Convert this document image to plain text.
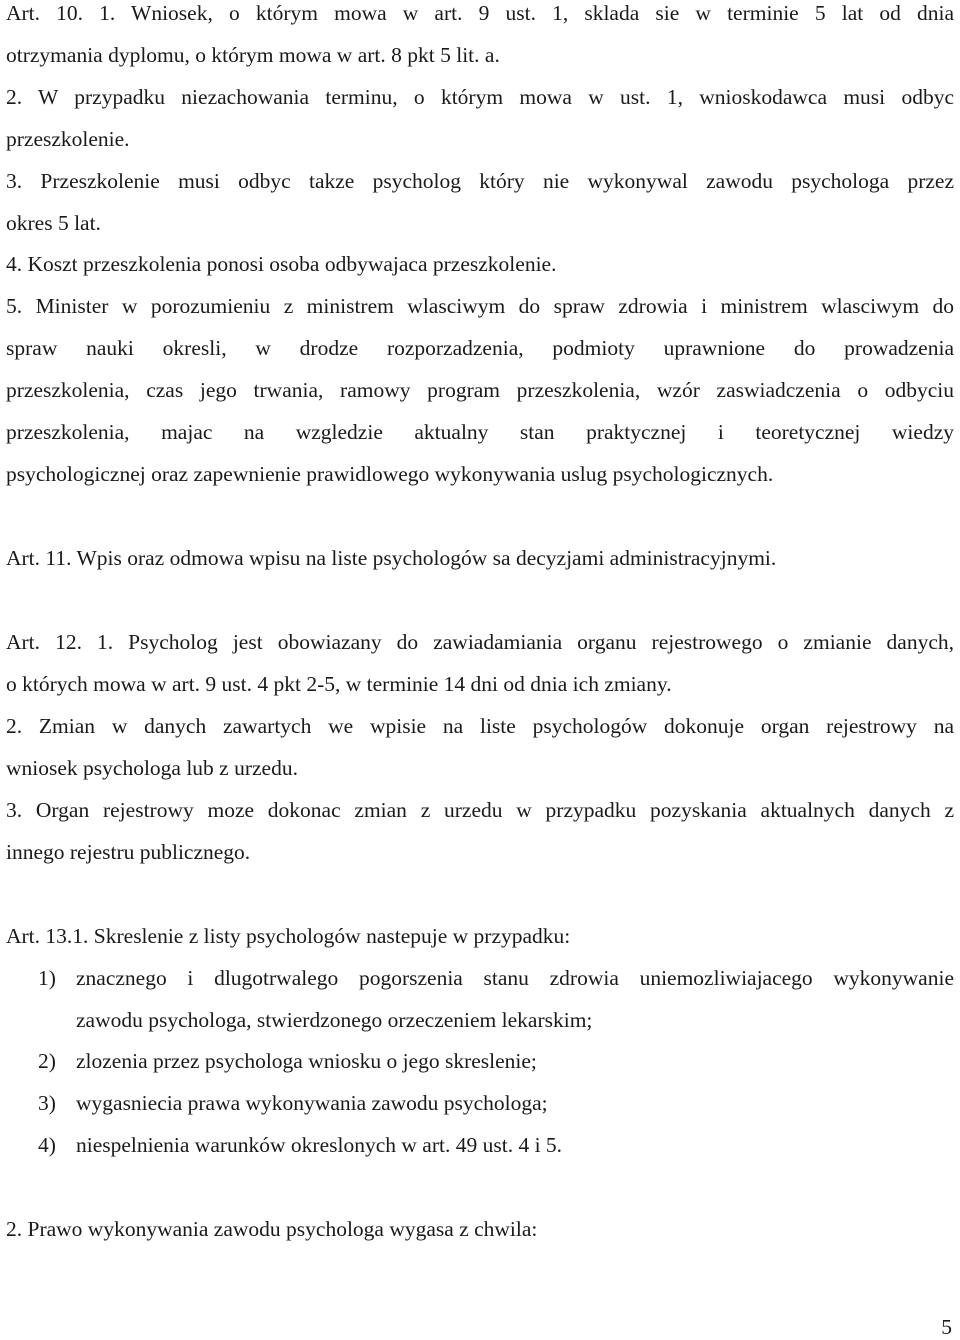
Art. 10. 1. Wniosek, o którym mowa w art. 9 ust. 1, sklada sie w terminie 5 lat od dnia
otrzymania dyplomu, o którym mowa w art. 8 pkt 5 lit. a.
2. W przypadku niezachowania terminu, o którym mowa w ust. 1, wnioskodawca musi odbyc
przeszkolenie.
3. Przeszkolenie musi odbyc takze psycholog który nie wykonywal zawodu psychologa przez
okres 5 lat.
4. Koszt przeszkolenia ponosi osoba odbywajaca przeszkolenie.
5. Minister w porozumieniu z ministrem wlasciwym do spraw zdrowia i ministrem wlasciwym do
spraw nauki okresli, w drodze rozporzadzenia, podmioty uprawnione do prowadzenia
przeszkolenia, czas jego trwania, ramowy program przeszkolenia, wzór zaswiadczenia o odbyciu
przeszkolenia, majac na wzgledzie aktualny stan praktycznej i teoretycznej wiedzy
psychologicznej oraz zapewnienie prawidlowego wykonywania uslug psychologicznych.
Art. 11. Wpis oraz odmowa wpisu na liste psychologów sa decyzjami administracyjnymi.
Art. 12. 1. Psycholog jest obowiazany do zawiadamiania organu rejestrowego o zmianie danych,
o których mowa w art. 9 ust. 4 pkt 2-5, w terminie 14 dni od dnia ich zmiany.
2. Zmian w danych zawartych we wpisie na liste psychologów dokonuje organ rejestrowy na
wniosek psychologa lub z urzedu.
3. Organ rejestrowy moze dokonac zmian z urzedu w przypadku pozyskania aktualnych danych z
innego rejestru publicznego.
Art. 13.1. Skreslenie z listy psychologów nastepuje w przypadku:
1) znacznego i dlugotrwalego pogorszenia stanu zdrowia uniemozliwiajacego wykonywanie
zawodu psychologa, stwierdzonego orzeczeniem lekarskim;
2) zlozenia przez psychologa wniosku o jego skreslenie;
3) wygasniecia prawa wykonywania zawodu psychologa;
4) niespelnienia warunków okreslonych w art. 49 ust. 4 i 5.
2. Prawo wykonywania zawodu psychologa wygasa z chwila:
5
